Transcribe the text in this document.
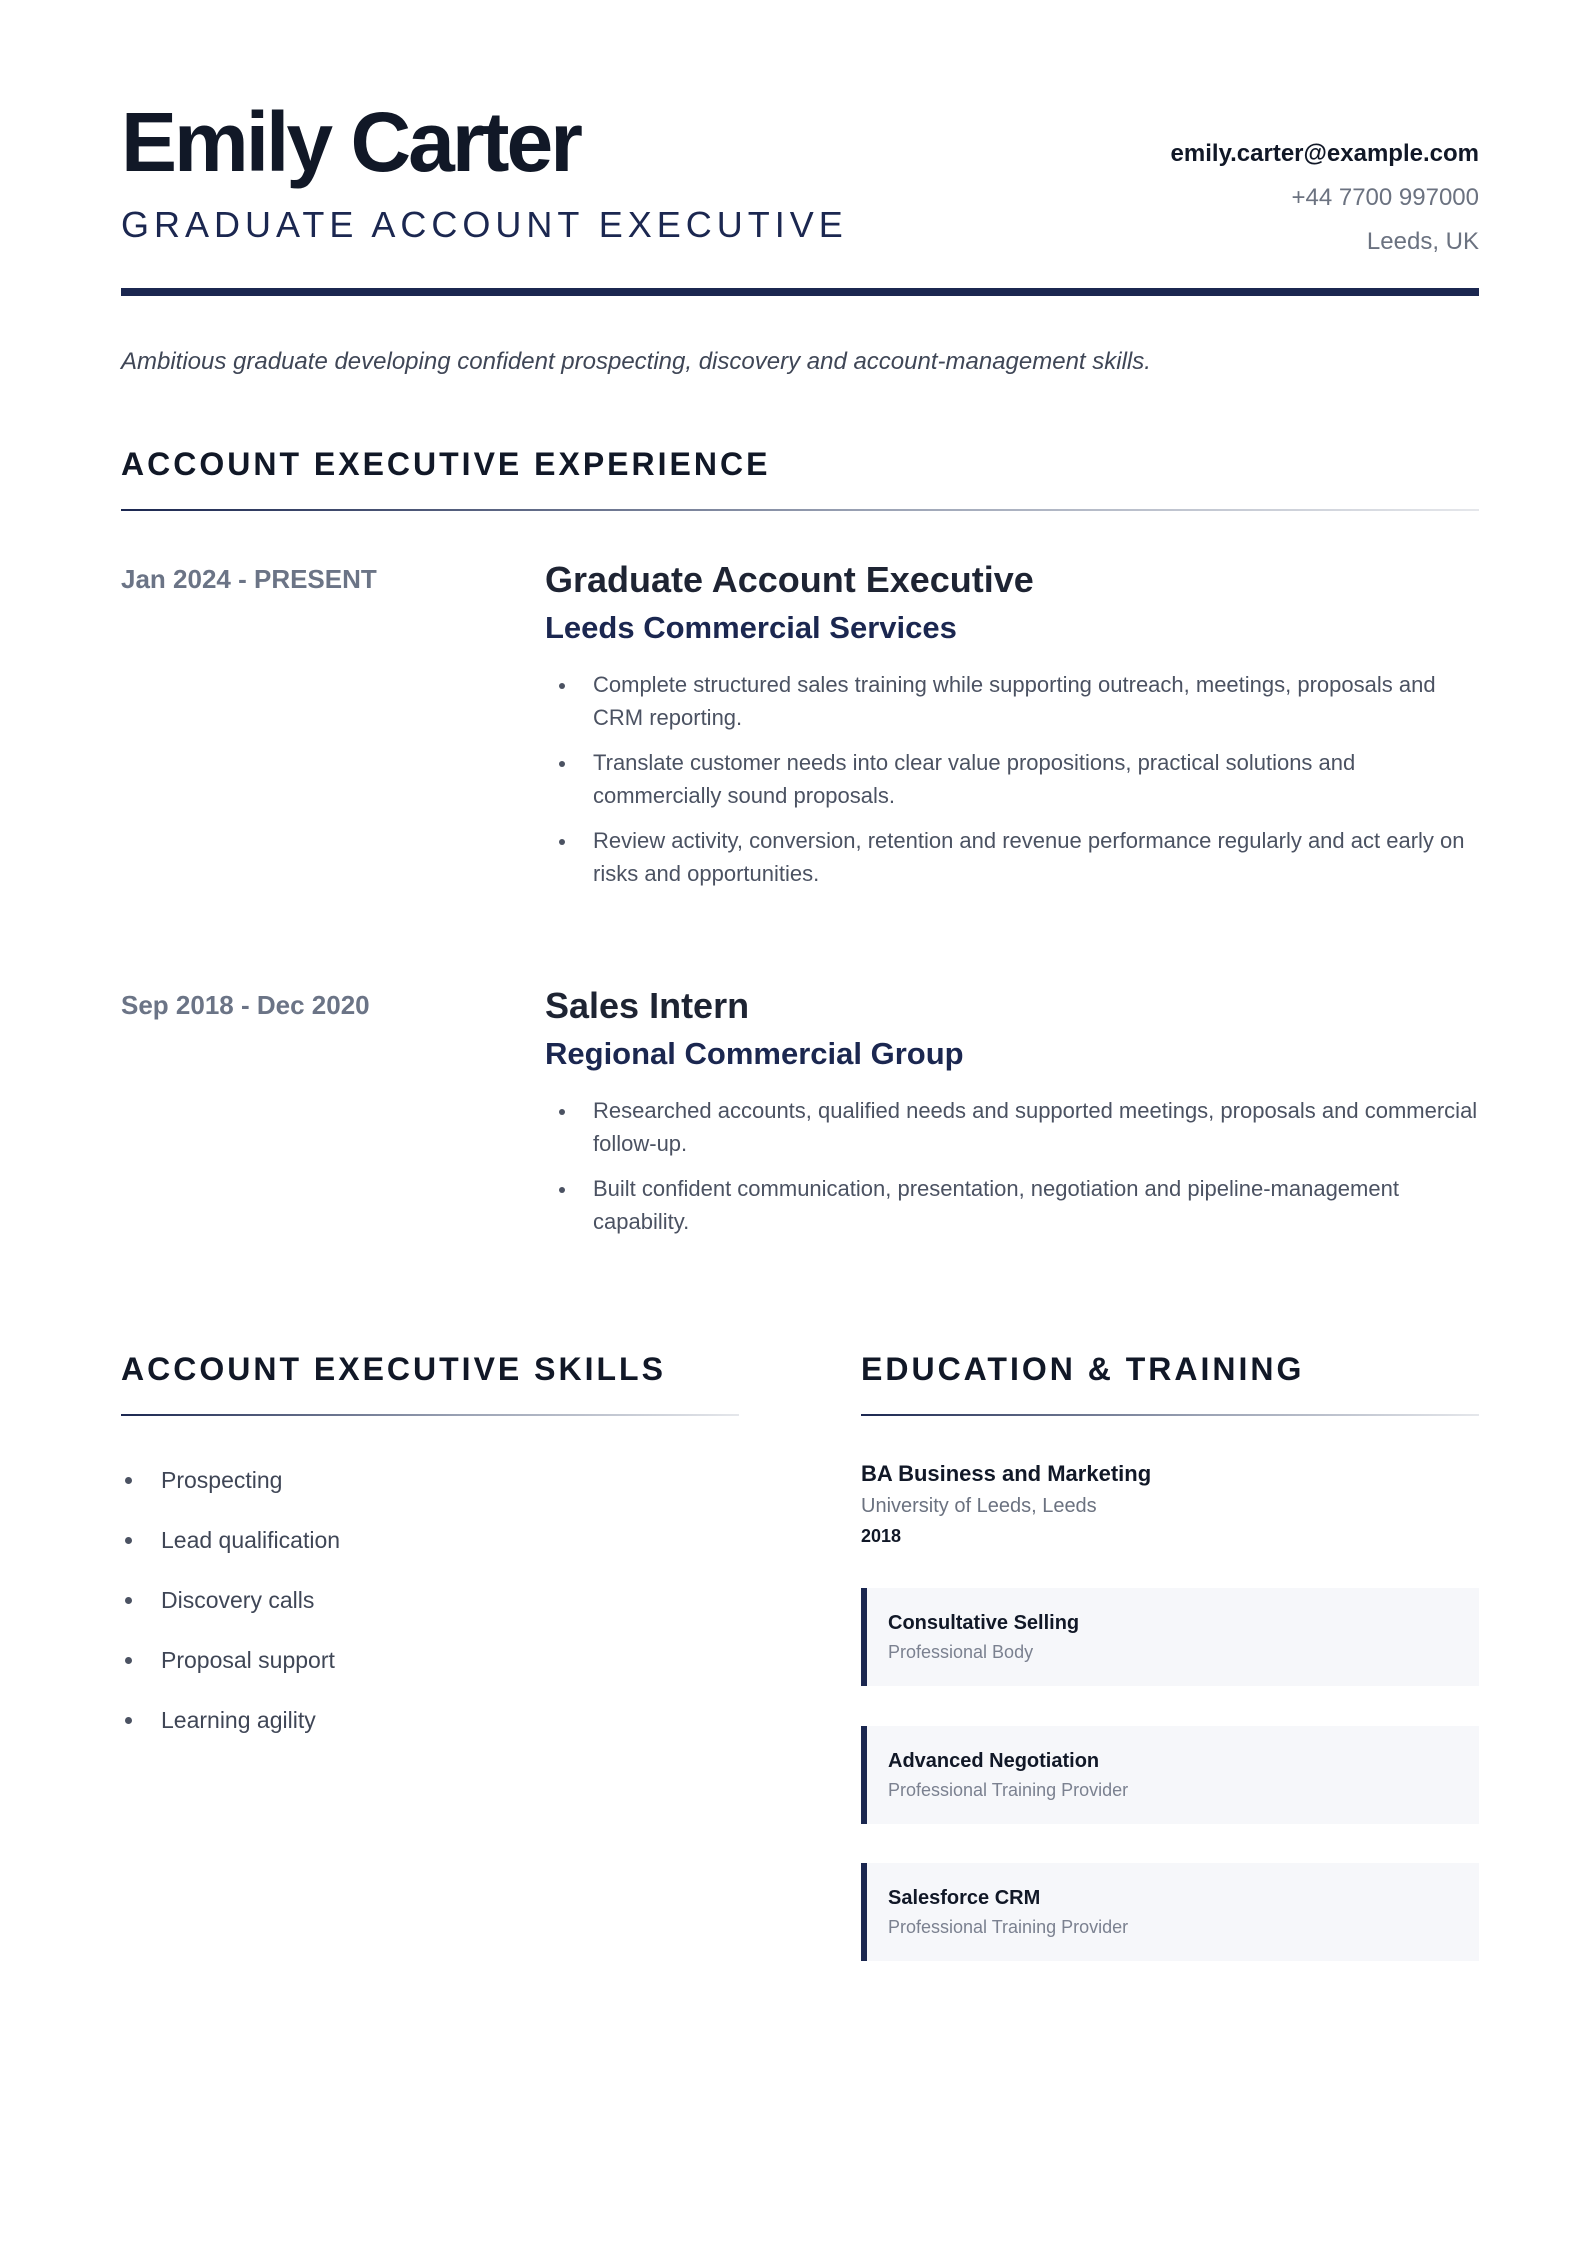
Emily Carter
GRADUATE ACCOUNT EXECUTIVE
emily.carter@example.com
+44 7700 997000
Leeds, UK
Ambitious graduate developing confident prospecting, discovery and account-management skills.
ACCOUNT EXECUTIVE EXPERIENCE
Jan 2024 - PRESENT	Graduate Account Executive
Leeds Commercial Services
Complete structured sales training while supporting outreach, meetings, proposals and CRM reporting.
Translate customer needs into clear value propositions, practical solutions and commercially sound proposals.
Review activity, conversion, retention and revenue performance regularly and act early on risks and opportunities.
Sep 2018 - Dec 2020	Sales Intern
Regional Commercial Group
Researched accounts, qualified needs and supported meetings, proposals and commercial follow-up.
Built confident communication, presentation, negotiation and pipeline-management capability.
ACCOUNT EXECUTIVE SKILLS
Prospecting
Lead qualification
Discovery calls
Proposal support
Learning agility
EDUCATION & TRAINING
BA Business and Marketing
University of Leeds, Leeds
2018
Consultative Selling
Professional Body
Advanced Negotiation
Professional Training Provider
Salesforce CRM
Professional Training Provider
